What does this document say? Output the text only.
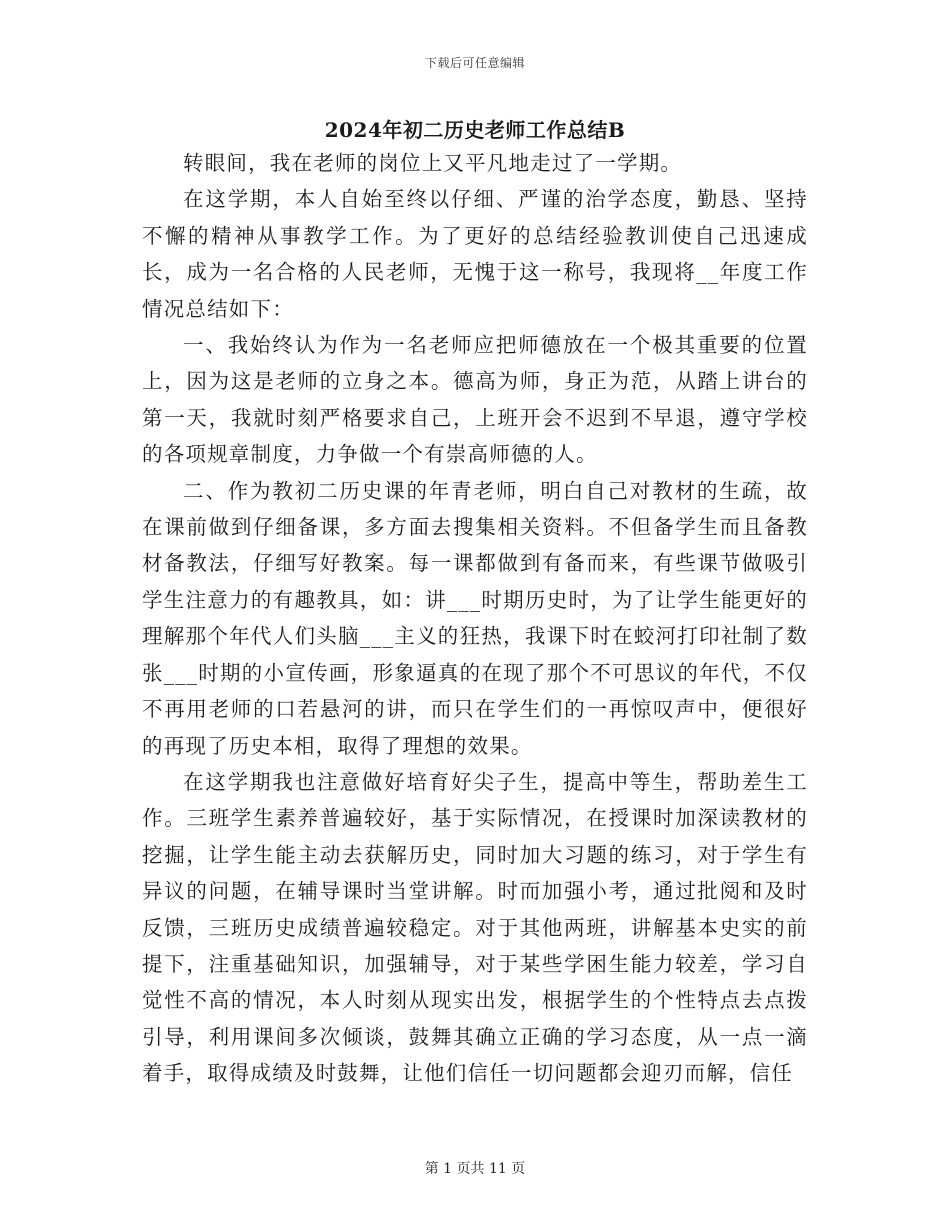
下载后可任意编辑
2024年初二历史老师工作总结B

转眼间，我在老师的岗位上又平凡地走过了一学期。

在这学期，本人自始至终以仔细、严谨的治学态度，勤恳、坚持不懈的精神从事教学工作。为了更好的总结经验教训使自己迅速成长，成为一名合格的人民老师，无愧于这一称号，我现将__年度工作情况总结如下：

一、我始终认为作为一名老师应把师德放在一个极其重要的位置上，因为这是老师的立身之本。德高为师，身正为范，从踏上讲台的第一天，我就时刻严格要求自己，上班开会不迟到不早退，遵守学校的各项规章制度，力争做一个有崇高师德的人。

二、作为教初二历史课的年青老师，明白自己对教材的生疏，故在课前做到仔细备课，多方面去搜集相关资料。不但备学生而且备教材备教法，仔细写好教案。每一课都做到有备而来，有些课节做吸引学生注意力的有趣教具，如：讲___时期历史时，为了让学生能更好的理解那个年代人们头脑___主义的狂热，我课下时在蛟河打印社制了数张___时期的小宣传画，形象逼真的在现了那个不可思议的年代，不仅不再用老师的口若悬河的讲，而只在学生们的一再惊叹声中，便很好的再现了历史本相，取得了理想的效果。

在这学期我也注意做好培育好尖子生，提高中等生，帮助差生工作。三班学生素养普遍较好，基于实际情况，在授课时加深读教材的挖掘，让学生能主动去获解历史，同时加大习题的练习，对于学生有异议的问题，在辅导课时当堂讲解。时而加强小考，通过批阅和及时反馈，三班历史成绩普遍较稳定。对于其他两班，讲解基本史实的前提下，注重基础知识，加强辅导，对于某些学困生能力较差，学习自觉性不高的情况，本人时刻从现实出发，根据学生的个性特点去点拨引导，利用课间多次倾谈，鼓舞其确立正确的学习态度，从一点一滴着手，取得成绩及时鼓舞，让他们信任一切问题都会迎刃而解，信任

第 1 页共 11 页
